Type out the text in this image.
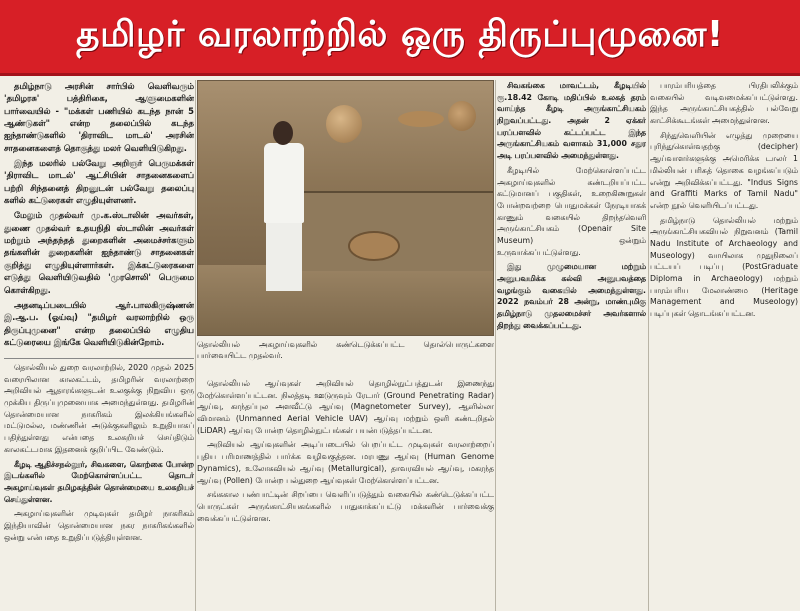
தமிழர் வரலாற்றில் ஒரு திருப்புமுனை!

தமிழ்நாடு அரசின் சார்பில் வெளிவரும் 'தமிழரசு' பத்திரிகை, ஆளுமைகளின் பார்வையில் - "மக்கள் பணியில் கடந்த நான் 5 ஆண்டுகள்" என்ற தலைப்பில் கடந்த ஐந்தாண்டுகளில் 'திராவிட மாடல்' அரசின் சாதனைகளைத் தொகுத்து மலர் வெளியிடுகிறது.

இந்த மலரில் பல்வேறு அறிஞர் பெருமக்கள் 'திராவிட மாடல்' ஆட்சியின் சாதனைகளைப் பற்றி சிந்தனைத் திறனுடன் பல்வேறு தலைப்பு களில் கட்டுரைகள் எழுதியுள்ளனர்.

மேலும் முதல்வர் மு.க.ஸ்டாலின் அவர்கள், துணை முதல்வர் உதயநிதி ஸ்டாலின் அவர்கள் மற்றும் அந்தந்தத் துறைகளின் அமைச்சர்களும் தங்களின் துறைகளின் ஐந்தாண்டு சாதனைகள் குறித்து எழுதியுள்ளார்கள். இக்கட்டுரைகளை எடுத்து வெளியிடுவதில் 'முரசொலி' பெருமை கொள்கிறது.

அதனடிப்படையில் ஆர்.பாலகிருஷ்ணன் இ.ஆ.ப. (ஓய்வு) "தமிழர் வரலாற்றில் ஒரு திருப்புமுனை" என்ற தலைப்பில் எழுதிய கட்டுரையை இங்கே வெளியிடுகின்றோம்.	தொல்லியல் அகழாய்வுகளில் கண்டெடுக்கப்பட்ட தொல்பொருட்களை பார்வையிட்ட முதல்வர்.

தொல்லியல் துறை வரலாற்றில், 2020 முதல் 2025 வரையிலான காலகட்டம், தமிழரின் வரலாற்றை அறிவியல் ஆதாரங்களுடன் உலகுக்கு நிறுவிய ஒரு முக்கிய திருப்புமுனையாக அமைந்துள்ளது. தமிழரின் தொன்மையான நாகரிகம் இலக்கியங்களில் மட்டுமல்ல, மண்ணின் அடுக்குகளிலும் உறுதியாகப் பதிந்துள்ளது என்பதை உலகறியச் செய்திடும் காலகட்டமாக இதனைக் குறிப்பிட வேண்டும்.

கீழடி ஆதிச்சநல்லூர், சிவகளை, கொற்கை போன்ற இடங்களில் மேற்கொள்ளப்பட்ட தொடர் அகழாய்வுகள் தமிழகத்தின் தொன்மையை உலகறியச் செய்துள்ளன.

அகழாய்வுகளின் முடிவுகள் தமிழர் நாகரிகம் இந்தியாவின் தொன்மையான நகர நாகரிகங்களில் ஒன்று என்பதை உறுதிப்படுத்தியுள்ளன.

தொல்லியல் ஆய்வுகள் அறிவியல் தொழில்நுட்பத்துடன் இணைந்து மேற்கொள்ளப்பட்டன. நிலத்தடி ஊடுருவும் ரேடார் (Ground Penetrating Radar) ஆய்வு, காந்தப்புல அளவீட்டு ஆய்வு (Magnetometer Survey), ஆளில்லா விமானம் (Unmanned Aerial Vehicle UAV) ஆய்வு மற்றும் ஒளி கண்டறிதல் (LiDAR) ஆய்வு போன்ற தொழில்நுட்பங்கள் பயன்படுத்தப்பட்டன.

அறிவியல் ஆய்வுகளின் அடிப்படையில் பெறப்பட்ட முடிவுகள் வரலாற்றைப் புதிய பரிமாணத்தில் பார்க்க வழிவகுத்தன. மரபணு ஆய்வு (Human Genome Dynamics), உலோகவியல் ஆய்வு (Metallurgical), தாவரவியல் ஆய்வு, மகரந்த ஆய்வு (Pollen) போன்ற பல்துறை ஆய்வுகள் மேற்கொள்ளப்பட்டன.

சங்ககால பண்பாட்டின் சிறப்பை வெளிப்படுத்தும் வகையில் கண்டெடுக்கப்பட்ட பொருட்கள் அருங்காட்சியகங்களில் பாதுகாக்கப்பட்டு மக்களின் பார்வைக்கு வைக்கப்பட்டுள்ளன.

சிவகங்கை மாவட்டம், கீழடியில் ரூ.18.42 கோடி மதிப்பில் உலகத் தரம் வாய்ந்த கீழடி அருங்காட்சியகம் நிறுவப்பட்டது. அதன் 2 ஏக்கர் பரப்பளவில் கட்டப்பட்ட இந்த அருங்காட்சியகம் வளாகம் 31,000 சதுர அடி பரப்பளவில் அமைந்துள்ளது.

கீழடியில் மேற்கொள்ளப்பட்ட அகழாய்வுகளில் கண்டறியப்பட்ட கட்டுமானப் பகுதிகள், உறைகிணறுகள் போன்றவற்றை பொதுமக்கள் நேரடியாகக் காணும் வகையில் திறந்தவெளி அருங்காட்சியகம் (Openair Site Museum) ஒன்றும் உருவாக்கப்பட்டுள்ளது.

இது முழுமையான மற்றும் அனுபவமிக்க கல்வி அனுபவத்தை வழங்கும் வகையில் அமைந்துள்ளது. 2022 நவம்பர் 28 அன்று, மாண்புமிகு தமிழ்நாடு முதலமைச்சர் அவர்களால் திறந்து வைக்கப்பட்டது.

பாரம்பரியத்தை பிரதிபலிக்கும் வகையில் வடிவமைக்கப்பட்டுள்ளது. இந்த அருங்காட்சியகத்தில் பல்வேறு காட்சிக்கூடங்கள் அமைந்துள்ளன.

சிந்துவெளியின் எழுத்து முறையை புரிந்துகொள்வதற்கு (decipher) ஆய்வாளர்களுக்கு அமெரிக்க டாலர் 1 மில்லியன் பரிசுத் தொகை வழங்கப்படும் என்று அறிவிக்கப்பட்டது. "Indus Signs and Graffiti Marks of Tamil Nadu" என்ற நூல் வெளியிடப்பட்டது.

தமிழ்நாடு தொல்லியல் மற்றும் அருங்காட்சியகவியல் நிறுவனம் (Tamil Nadu Institute of Archaeology and Museology) வாயிலாக முதுநிலைப் பட்டயப் படிப்பு (PostGraduate Diploma in Archaeology) மற்றும் பாரம்பரிய மேலாண்மை (Heritage Management and Museology) படிப்புகள் தொடங்கப்பட்டன.
